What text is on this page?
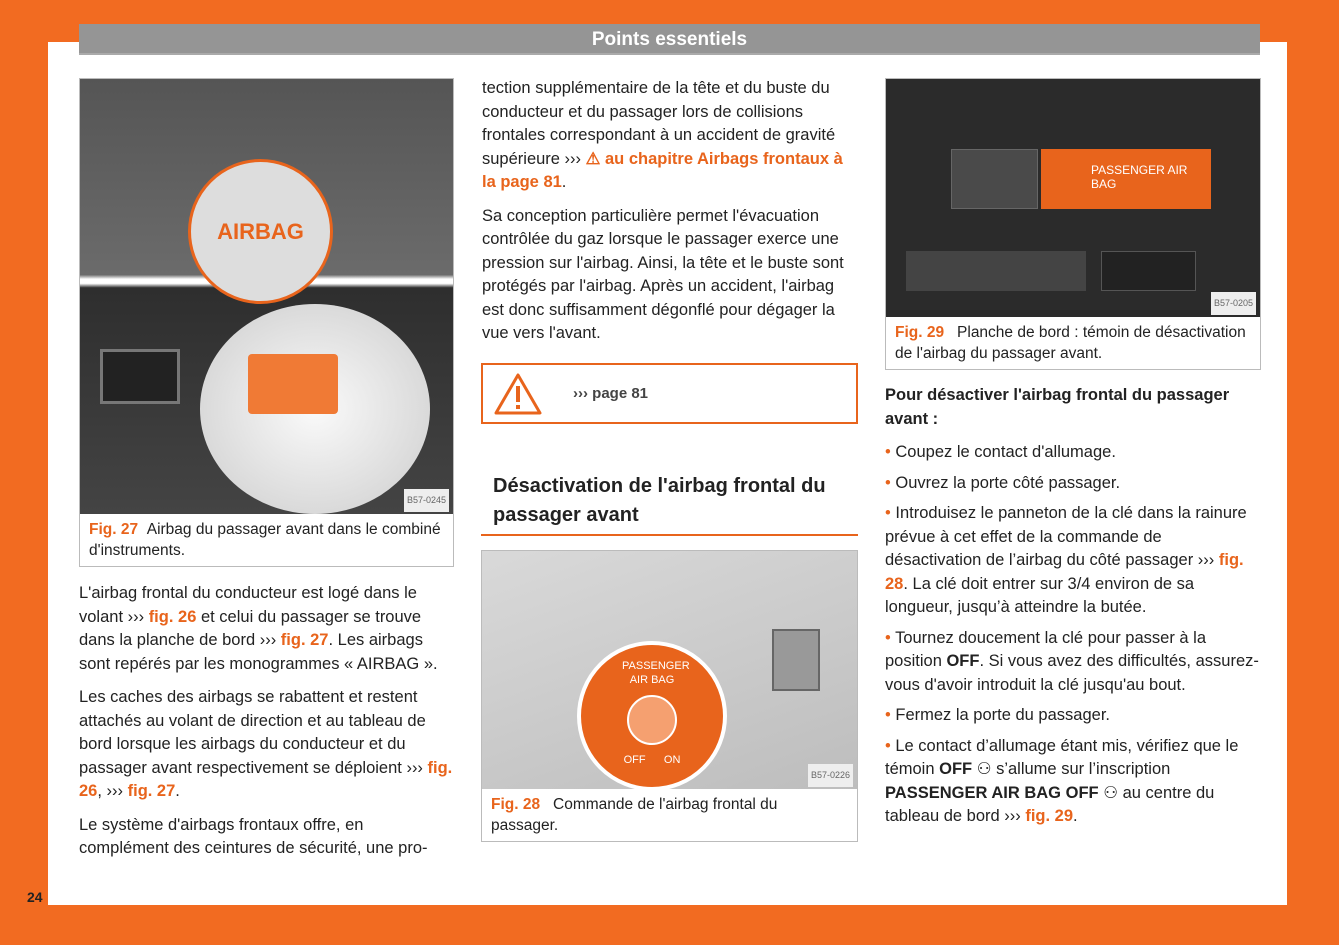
Points essentiels
AIRBAG
B57-0245
Fig. 27 Airbag du passager avant dans le combiné d'instruments.

L'airbag frontal du conducteur est logé dans le volant ››› fig. 26 et celui du passager se trouve dans la planche de bord ››› fig. 27. Les airbags sont repérés par les monogrammes « AIRBAG ».

Les caches des airbags se rabattent et restent attachés au volant de direction et au tableau de bord lorsque les airbags du conducteur et du passager avant respectivement se déploient ››› fig. 26, ››› fig. 27.

Le système d'airbags frontaux offre, en complément des ceintures de sécurité, une pro-

tection supplémentaire de la tête et du buste du conducteur et du passager lors de collisions frontales correspondant à un accident de gravité supérieure ››› ⚠ au chapitre Airbags frontaux à la page 81.

Sa conception particulière permet l'évacuation contrôlée du gaz lorsque le passager exerce une pression sur l'airbag. Ainsi, la tête et le buste sont protégés par l'airbag. Après un accident, l'airbag est donc suffisamment dégonflé pour dégager la vue vers l'avant.

››› page 81
Désactivation de l'airbag frontal du passager avant
PASSENGER AIR BAG
OFF ON
B57-0226
Fig. 28 Commande de l'airbag frontal du passager.
PASSENGER AIR BAG
B57-0205
Fig. 29 Planche de bord : témoin de désactivation de l'airbag du passager avant.

Pour désactiver l'airbag frontal du passager avant :

• Coupez le contact d'allumage.
• Ouvrez la porte côté passager.
• Introduisez le panneton de la clé dans la rainure prévue à cet effet de la commande de désactivation de l’airbag du côté passager ››› fig. 28. La clé doit entrer sur 3/4 environ de sa longueur, jusqu’à atteindre la butée.
• Tournez doucement la clé pour passer à la position OFF. Si vous avez des difficultés, assurez-vous d'avoir introduit la clé jusqu'au bout.
• Fermez la porte du passager.
• Le contact d’allumage étant mis, vérifiez que le témoin OFF ⚇ s’allume sur l’inscription PASSENGER AIR BAG OFF ⚇ au centre du tableau de bord ››› fig. 29.
24
